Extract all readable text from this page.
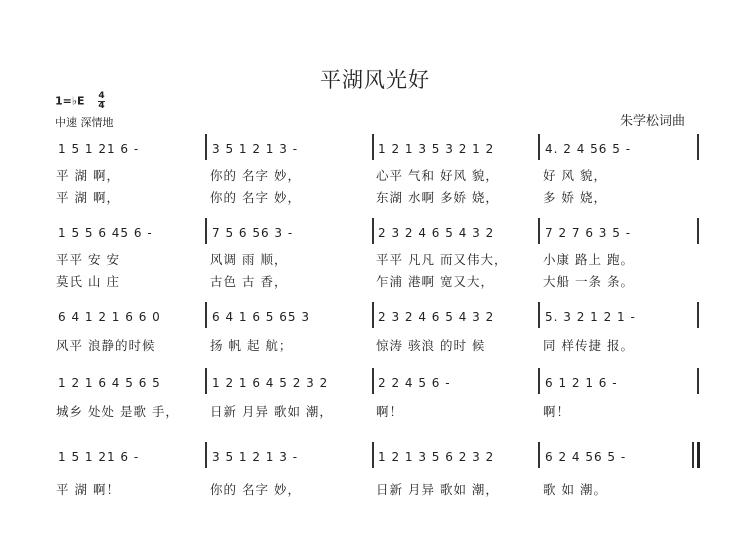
平湖风光好
1=♭E $\frac{4}{4}$
中速 深情地	朱学松词曲
1 5 1 21 6 -
平 湖 啊，
平 湖 啊，
3 5 1 2 1 3 -
你的 名字 妙，
你的 名字 妙，
1 2 1 3 5 3 2 1 2
心平 气和 好风 貌，
东湖 水啊 多娇 娆，
4. 2 4 56 5 -
好 风 貌，
多 娇 娆，
1 5 5 6 45 6 -
平平 安 安
莫氏 山 庄
7 5 6 56 3 -
风调 雨 顺，
古色 古 香，
2 3 2 4 6 5 4 3 2
平平 凡凡 而又伟大，
乍浦 港啊 宽又大，
7 2 7 6 3 5 -
小康 路上 跑。
大船 一条 条。
6 4 1 2 1 6 6 0
风平 浪静的时候
6 4 1 6 5 65 3
扬 帆 起 航；
2 3 2 4 6 5 4 3 2
惊涛 骇浪 的时 候
5. 3 2 1 2 1 -
同 样传捷 报。
1 2 1 6 4 5 6 5
城乡 处处 是歌 手，
1 2 1 6 4 5 2 3 2
日新 月异 歌如 潮，
2 2 4 5 6 -
啊！
6 1 2 1 6 -
啊！
1 5 1 21 6 -
平 湖 啊！
3 5 1 2 1 3 -
你的 名字 妙，
1 2 1 3 5 6 2 3 2
日新 月异 歌如 潮，
6 2 4 56 5 -
歌 如 潮。
